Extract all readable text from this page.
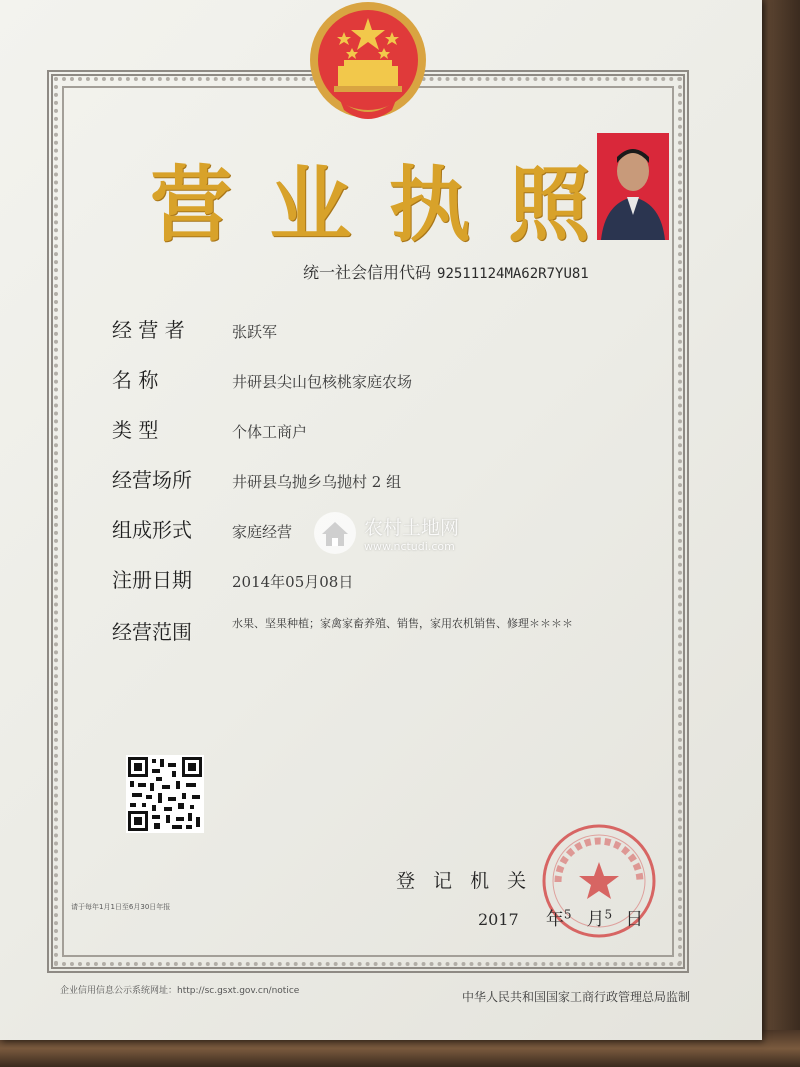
营 业 执 照
统一社会信用代码 92511124MA62R7YU81
经 营 者	张跃军
名 称	井研县尖山包核桃家庭农场
类 型	个体工商户
经营场所	井研县乌抛乡乌抛村 2 组
组成形式	家庭经营
注册日期	2014年05月08日
经营范围	水果、坚果种植；家禽家畜养殖、销售，家用农机销售、修理＊＊＊＊
农村土地网
www.nctudi.com
请于每年1月1日至6月30日年报
登 记 机 关
2017 年$^5$ 月$^5$ 日
企业信用信息公示系统网址：http://sc.gsxt.gov.cn/notice	中华人民共和国国家工商行政管理总局监制
